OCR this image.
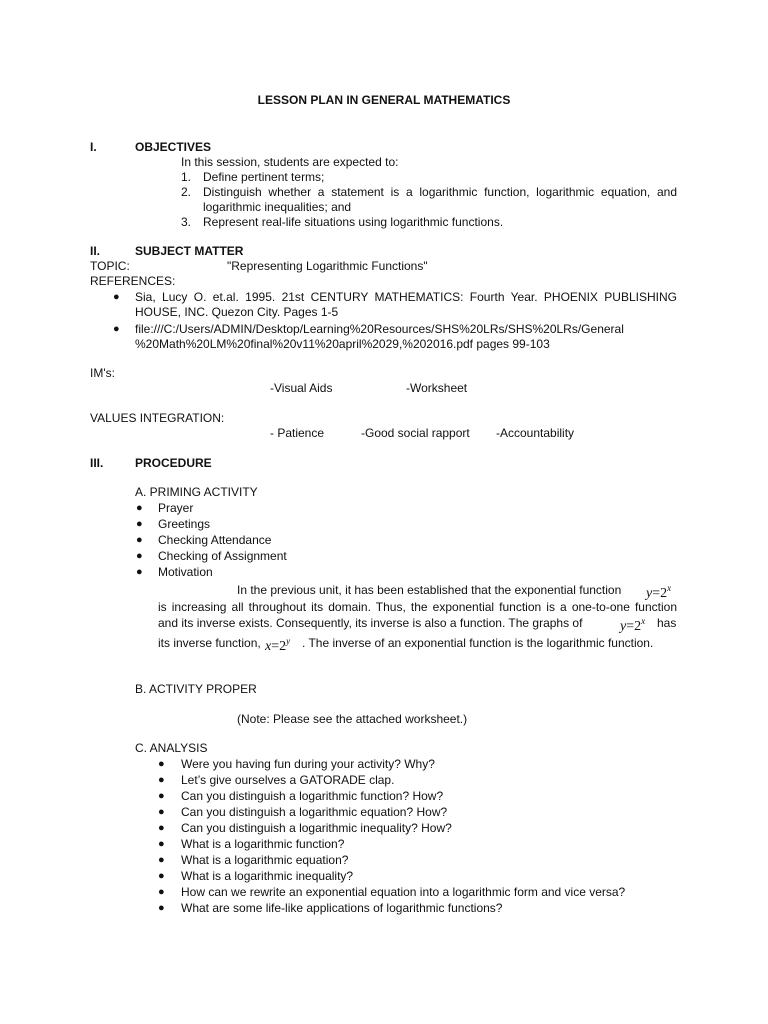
LESSON PLAN IN GENERAL MATHEMATICS
I.	OBJECTIVES
In this session, students are expected to:
1. Define pertinent terms;
2. Distinguish whether a statement is a logarithmic function, logarithmic equation, and
logarithmic inequalities; and
3. Represent real-life situations using logarithmic functions.
II.	SUBJECT MATTER
TOPIC:	"Representing Logarithmic Functions"
REFERENCES:
● Sia, Lucy O. et.al. 1995. 21st CENTURY MATHEMATICS: Fourth Year. PHOENIX PUBLISHING
HOUSE, INC. Quezon City. Pages 1-5
● file:///C:/Users/ADMIN/Desktop/Learning%20Resources/SHS%20LRs/SHS%20LRs/General
%20Math%20LM%20final%20v11%20april%2029,%202016.pdf pages 99-103
IM's:
-Visual Aids	-Worksheet
VALUES INTEGRATION:
- Patience	-Good social rapport -Accountability
III.	PROCEDURE
A. PRIMING ACTIVITY
● Prayer
● Greetings
● Checking Attendance
● Checking of Assignment
● Motivation
In the previous unit, it has been established that the exponential function $y=2^x$
is increasing all throughout its domain. Thus, the exponential function is a one-to-one function
and its inverse exists. Consequently, its inverse is also a function. The graphs of	$y=2^x$ has
its inverse function, $x=2^y$ . The inverse of an exponential function is the logarithmic function.
B. ACTIVITY PROPER
(Note: Please see the attached worksheet.)
C. ANALYSIS
● Were you having fun during your activity? Why?
● Let’s give ourselves a GATORADE clap.
● Can you distinguish a logarithmic function? How?
● Can you distinguish a logarithmic equation? How?
● Can you distinguish a logarithmic inequality? How?
● What is a logarithmic function?
● What is a logarithmic equation?
● What is a logarithmic inequality?
● How can we rewrite an exponential equation into a logarithmic form and vice versa?
● What are some life-like applications of logarithmic functions?
